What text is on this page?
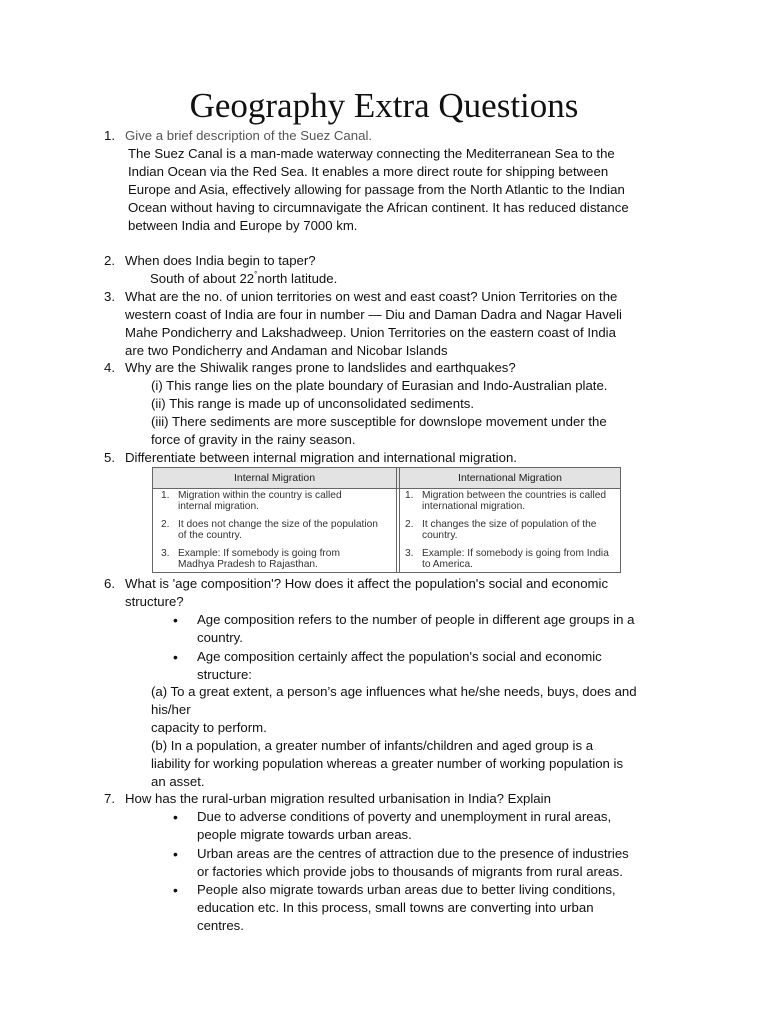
Geography Extra Questions
1. Give a brief description of the Suez Canal.
The Suez Canal is a man-made waterway connecting the Mediterranean Sea to the
Indian Ocean via the Red Sea. It enables a more direct route for shipping between
Europe and Asia, effectively allowing for passage from the North Atlantic to the Indian
Ocean without having to circumnavigate the African continent. It has reduced distance
between India and Europe by 7000 km.
2. When does India begin to taper?
South of about 22°north latitude.
3. What are the no. of union territories on west and east coast? Union Territories on the
western coast of India are four in number — Diu and Daman Dadra and Nagar Haveli
Mahe Pondicherry and Lakshadweep. Union Territories on the eastern coast of India
are two Pondicherry and Andaman and Nicobar Islands
4. Why are the Shiwalik ranges prone to landslides and earthquakes?
(i) This range lies on the plate boundary of Eurasian and Indo-Australian plate.
(ii) This range is made up of unconsolidated sediments.
(iii) There sediments are more susceptible for downslope movement under the
force of gravity in the rainy season.
5. Differentiate between internal migration and international migration.
Internal Migration	International Migration
1. Migration within the country is called
internal migration.
1. Migration between the countries is called
international migration.
2. It does not change the size of the population
of the country.
2. It changes the size of population of the
country.
3. Example: If somebody is going from
Madhya Pradesh to Rajasthan.
3. Example: If somebody is going from India
to America.
6. What is 'age composition'? How does it affect the population's social and economic
structure?
• Age composition refers to the number of people in different age groups in a
country.
• Age composition certainly affect the population's social and economic
structure:
(a) To a great extent, a person’s age influences what he/she needs, buys, does and
his/her
capacity to perform.
(b) In a population, a greater number of infants/children and aged group is a
liability for working population whereas a greater number of working population is
an asset.
7. How has the rural-urban migration resulted urbanisation in India? Explain
• Due to adverse conditions of poverty and unemployment in rural areas,
people migrate towards urban areas.
• Urban areas are the centres of attraction due to the presence of industries
or factories which provide jobs to thousands of migrants from rural areas.
• People also migrate towards urban areas due to better living conditions,
education etc. In this process, small towns are converting into urban
centres.
